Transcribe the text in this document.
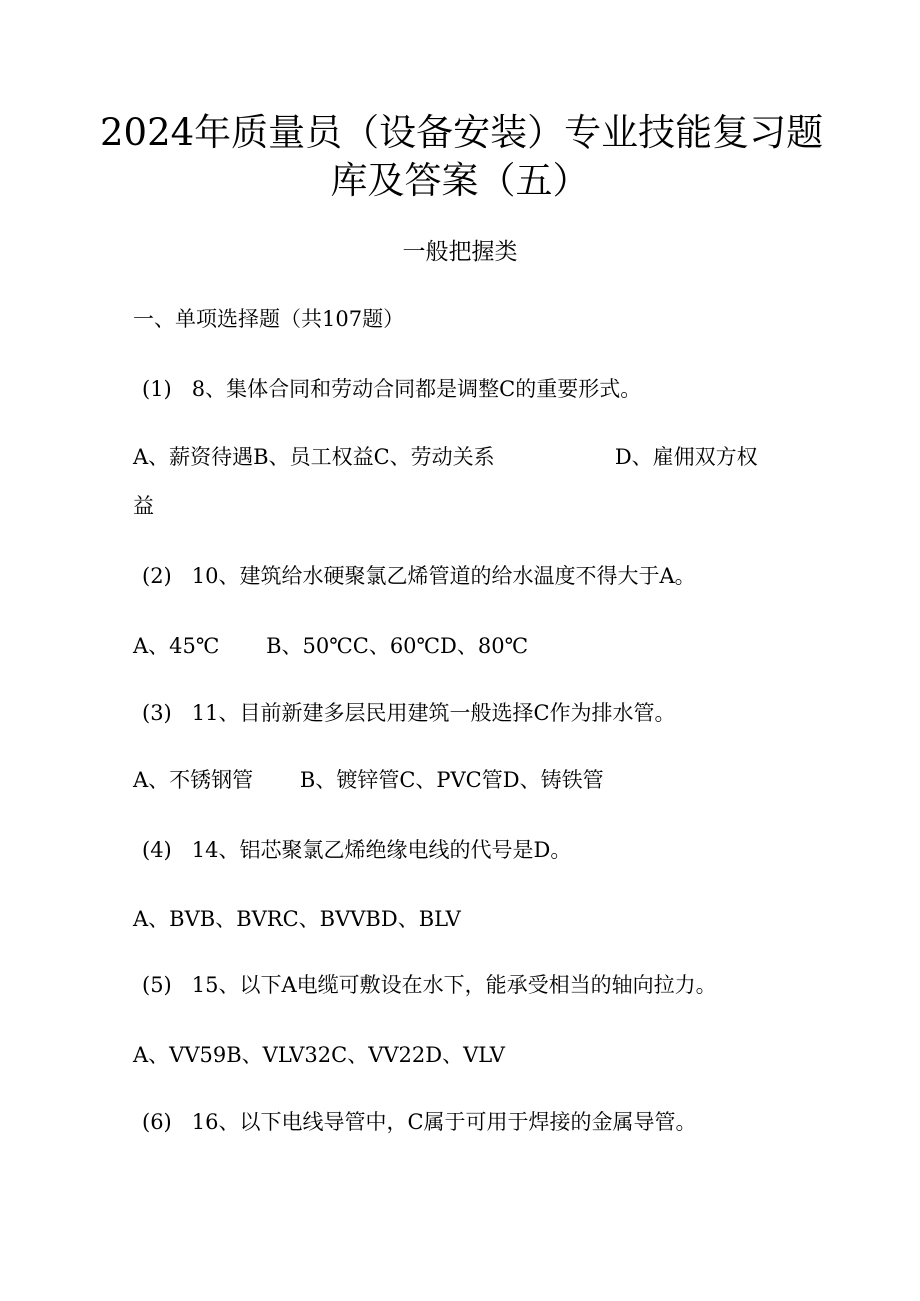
2024年质量员（设备安装）专业技能复习题
库及答案（五）
一般把握类
一、单项选择题（共107题）
(1)   8、集体合同和劳动合同都是调整C的重要形式。
A、薪资待遇B、员工权益C、劳动关系                  D、雇佣双方权
益
(2)   10、建筑给水硬聚氯乙烯管道的给水温度不得大于A。
A、45℃       B、50℃C、60℃D、80℃
(3)   11、目前新建多层民用建筑一般选择C作为排水管。
A、不锈钢管       B、镀锌管C、PVC管D、铸铁管
(4)   14、铝芯聚氯乙烯绝缘电线的代号是D。
A、BVB、BVRC、BVVBD、BLV
(5)   15、以下A电缆可敷设在水下，能承受相当的轴向拉力。
A、VV59B、VLV32C、VV22D、VLV
(6)   16、以下电线导管中，C属于可用于焊接的金属导管。
